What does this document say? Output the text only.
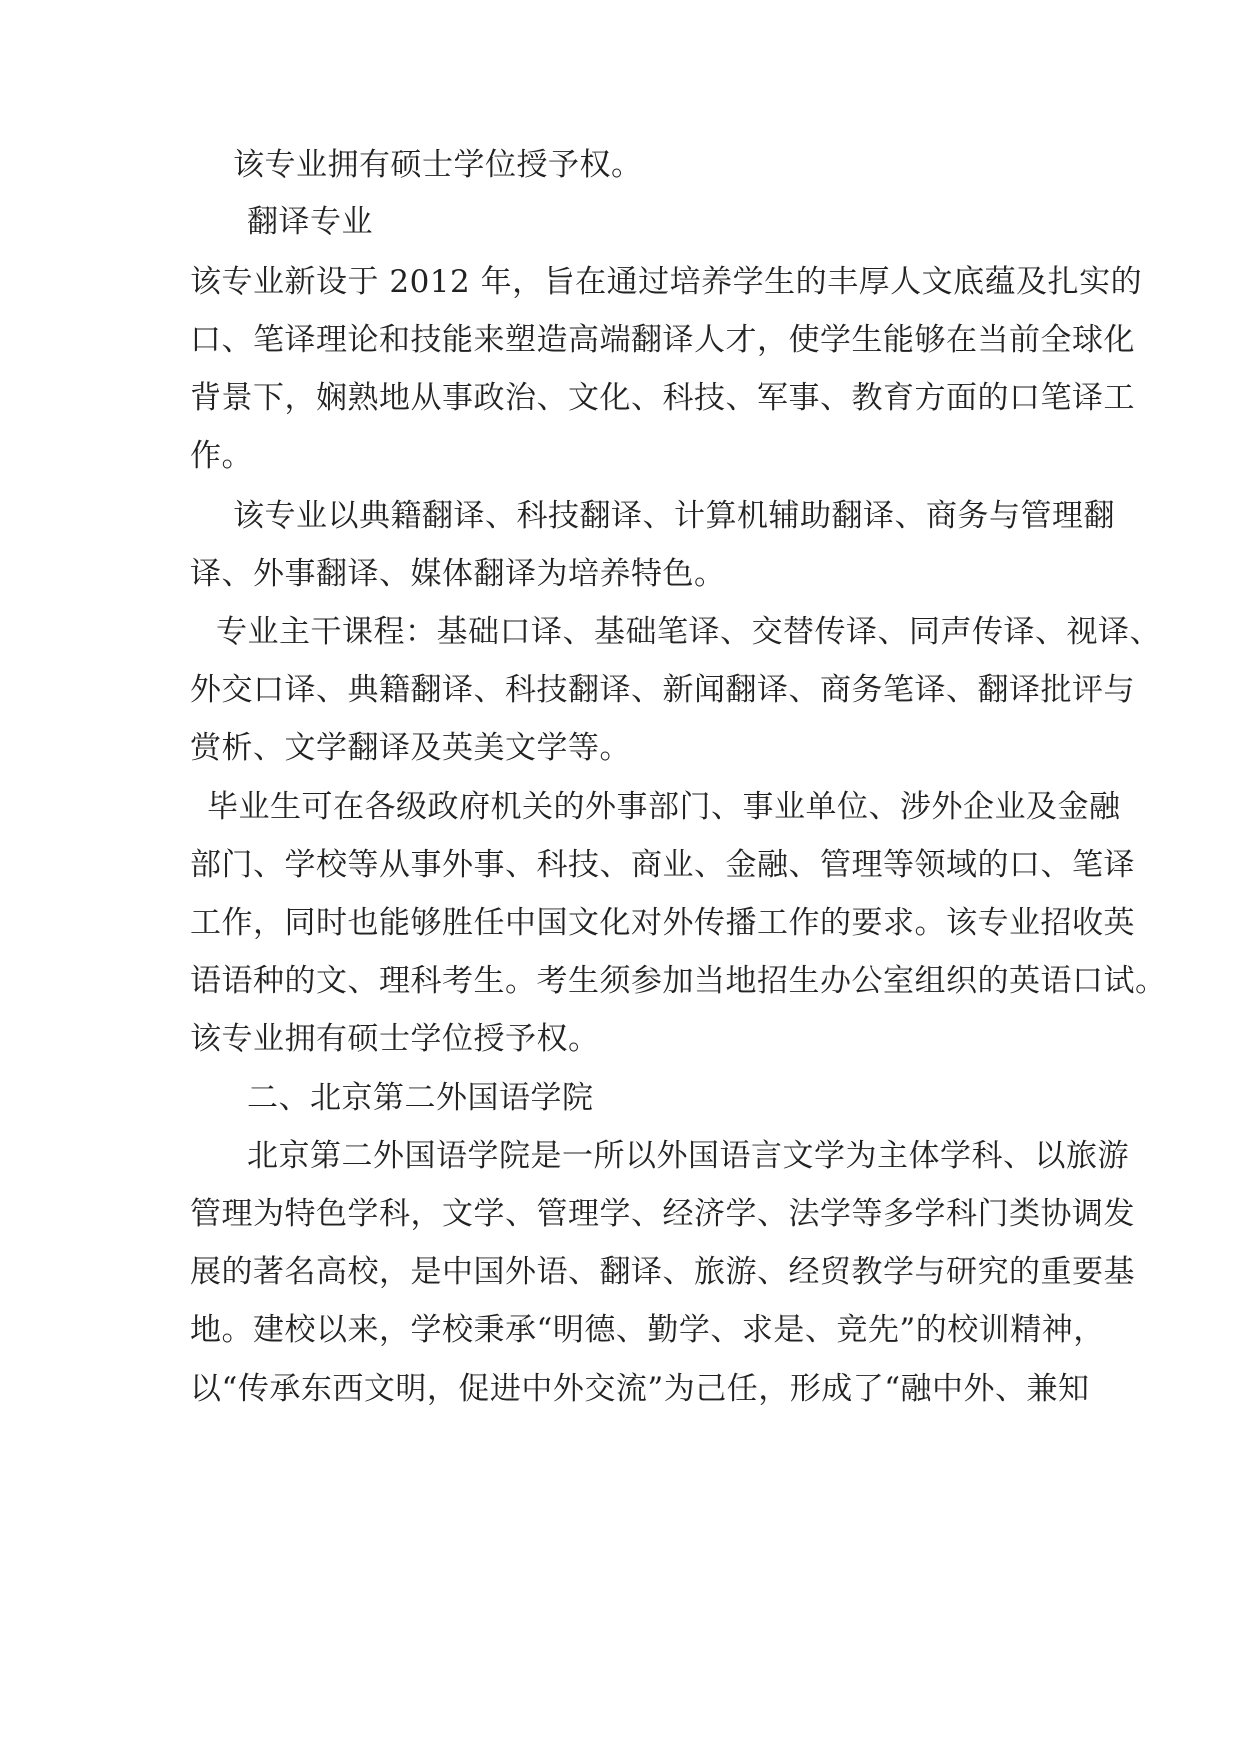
该专业拥有硕士学位授予权。
翻译专业
该专业新设于 2012 年，旨在通过培养学生的丰厚人文底蕴及扎实的
口、笔译理论和技能来塑造高端翻译人才，使学生能够在当前全球化
背景下，娴熟地从事政治、文化、科技、军事、教育方面的口笔译工
作。
该专业以典籍翻译、科技翻译、计算机辅助翻译、商务与管理翻
译、外事翻译、媒体翻译为培养特色。
专业主干课程：基础口译、基础笔译、交替传译、同声传译、视译、
外交口译、典籍翻译、科技翻译、新闻翻译、商务笔译、翻译批评与
赏析、文学翻译及英美文学等。
毕业生可在各级政府机关的外事部门、事业单位、涉外企业及金融
部门、学校等从事外事、科技、商业、金融、管理等领域的口、笔译
工作，同时也能够胜任中国文化对外传播工作的要求。该专业招收英
语语种的文、理科考生。考生须参加当地招生办公室组织的英语口试。
该专业拥有硕士学位授予权。
二、北京第二外国语学院
北京第二外国语学院是一所以外国语言文学为主体学科、以旅游
管理为特色学科，文学、管理学、经济学、法学等多学科门类协调发
展的著名高校，是中国外语、翻译、旅游、经贸教学与研究的重要基
地。建校以来，学校秉承“明德、勤学、求是、竞先”的校训精神，
以“传承东西文明，促进中外交流”为己任，形成了“融中外、兼知
